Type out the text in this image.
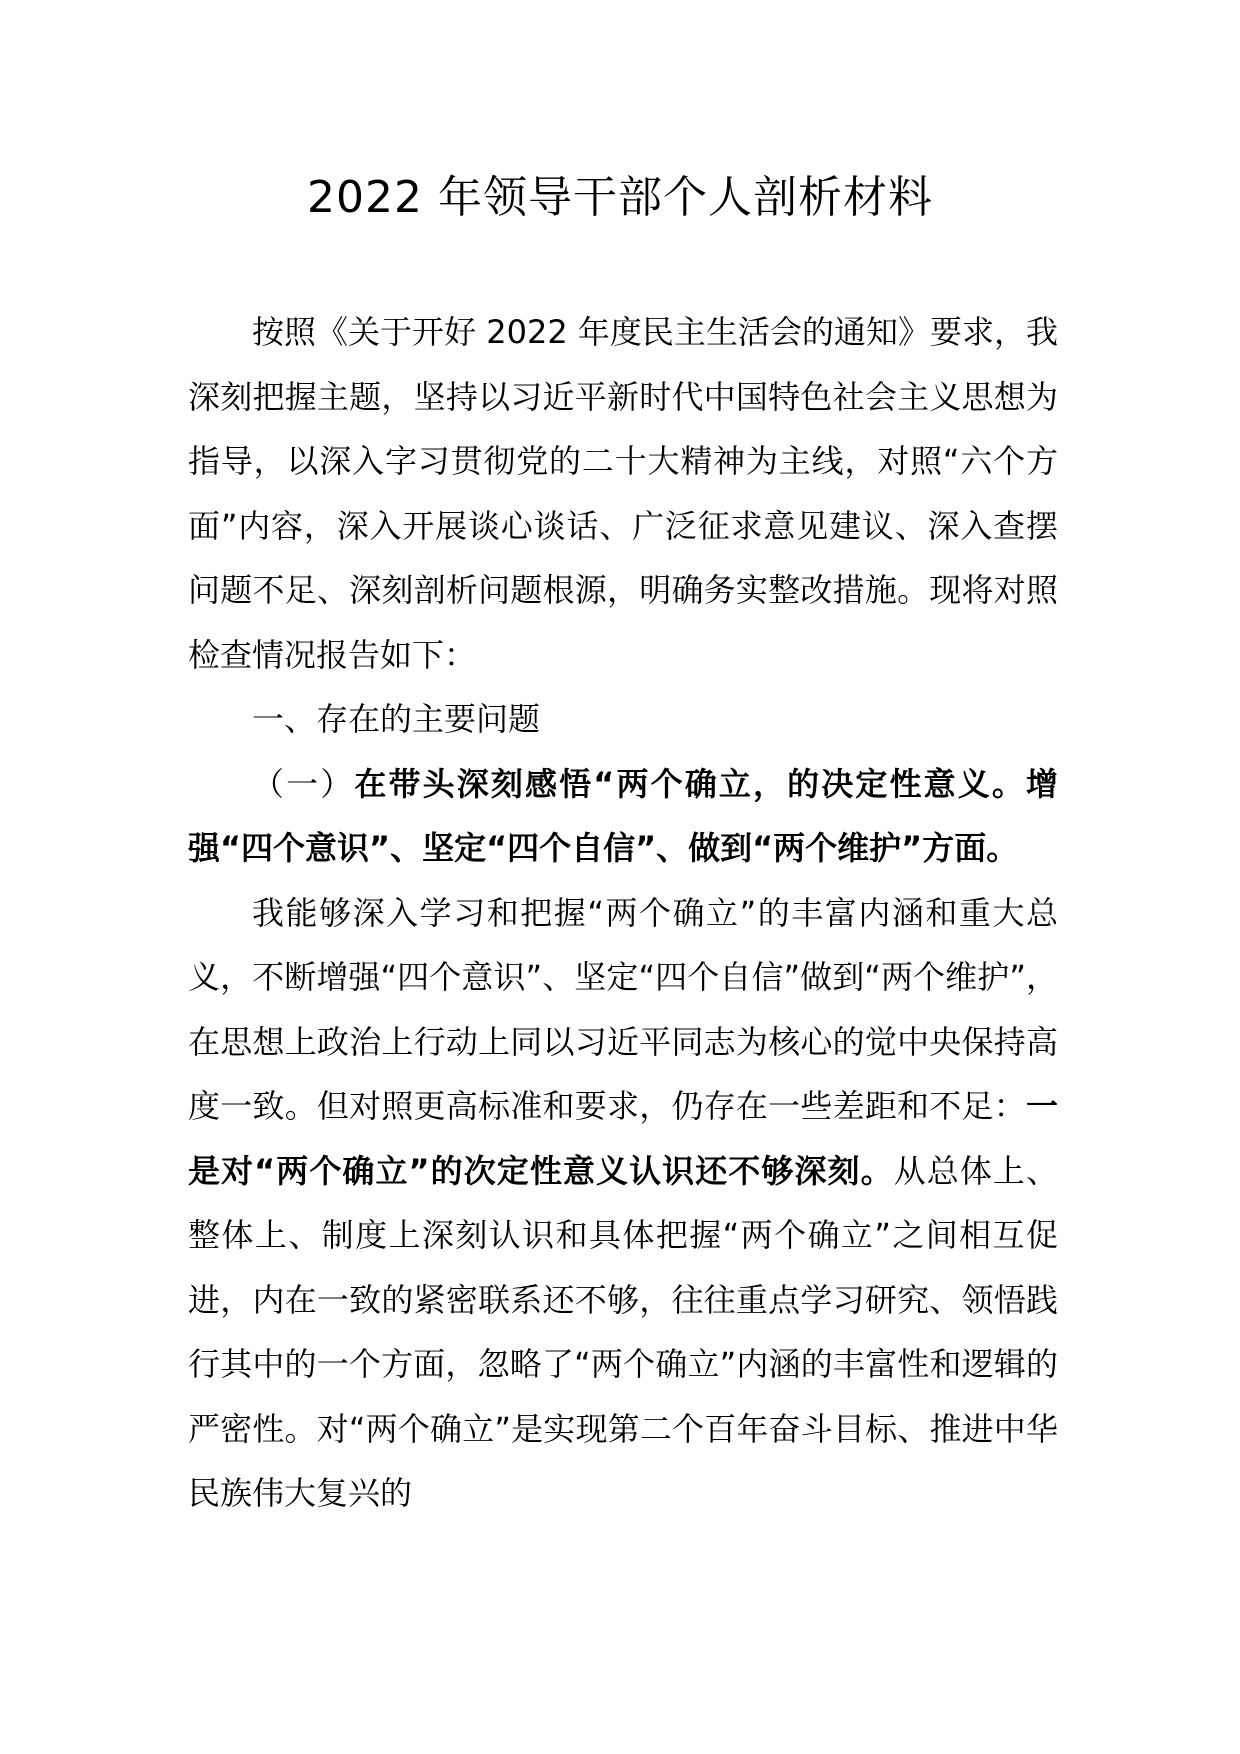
2022 年领导干部个人剖析材料

按照《关于开好 2022 年度民主生活会的通知》要求，我深刻把握主题，坚持以习近平新时代中国特色社会主义思想为指导，以深入字习贯彻党的二十大精神为主线，对照“六个方面”内容，深入开展谈心谈话、广泛征求意见建议、深入查摆问题不足、深刻剖析问题根源，明确务实整改措施。现将对照检查情况报告如下：

一、存在的主要问题

（一）在带头深刻感悟“两个确立，的决定性意义。增强“四个意识”、坚定“四个自信”、做到“两个维护”方面。

我能够深入学习和把握“两个确立”的丰富内涵和重大总义，不断增强“四个意识”、坚定“四个自信”做到“两个维护”，在思想上政治上行动上同以习近平同志为核心的觉中央保持高度一致。但对照更高标准和要求，仍存在一些差距和不足：一是对“两个确立”的次定性意义认识还不够深刻。从总体上、整体上、制度上深刻认识和具体把握“两个确立”之间相互促进，内在一致的紧密联系还不够，往往重点学习研究、领悟践行其中的一个方面，忽略了“两个确立”内涵的丰富性和逻辑的严密性。对“两个确立”是实现第二个百年奋斗目标、推进中华民族伟大复兴的
